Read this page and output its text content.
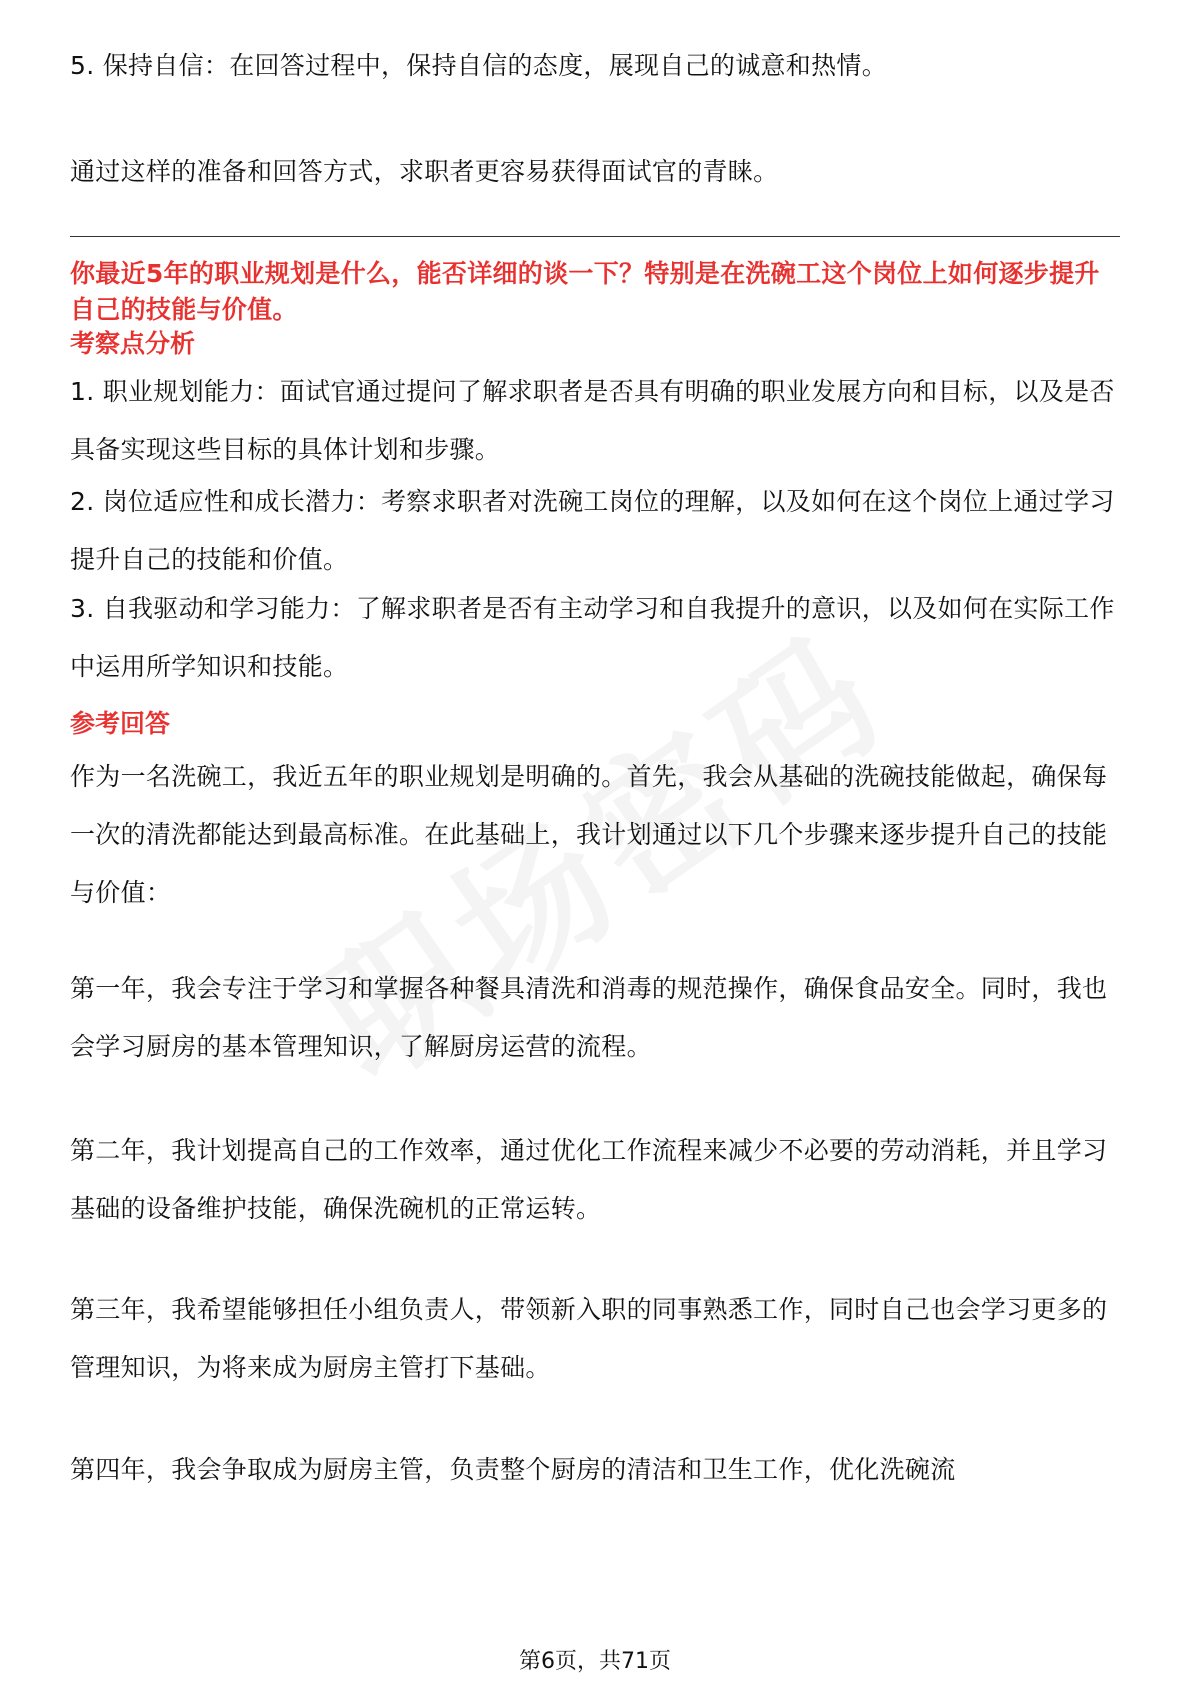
5. 保持自信：在回答过程中，保持自信的态度，展现自己的诚意和热情。

通过这样的准备和回答方式，求职者更容易获得面试官的青睐。

你最近5年的职业规划是什么，能否详细的谈一下？特别是在洗碗工这个岗位上如何逐步提升自己的技能与价值。
考察点分析

1. 职业规划能力：面试官通过提问了解求职者是否具有明确的职业发展方向和目标，以及是否具备实现这些目标的具体计划和步骤。

2. 岗位适应性和成长潜力：考察求职者对洗碗工岗位的理解，以及如何在这个岗位上通过学习提升自己的技能和价值。

3. 自我驱动和学习能力：了解求职者是否有主动学习和自我提升的意识，以及如何在实际工作中运用所学知识和技能。

参考回答

作为一名洗碗工，我近五年的职业规划是明确的。首先，我会从基础的洗碗技能做起，确保每一次的清洗都能达到最高标准。在此基础上，我计划通过以下几个步骤来逐步提升自己的技能与价值：

第一年，我会专注于学习和掌握各种餐具清洗和消毒的规范操作，确保食品安全。同时，我也会学习厨房的基本管理知识，了解厨房运营的流程。

第二年，我计划提高自己的工作效率，通过优化工作流程来减少不必要的劳动消耗，并且学习基础的设备维护技能，确保洗碗机的正常运转。

第三年，我希望能够担任小组负责人，带领新入职的同事熟悉工作，同时自己也会学习更多的管理知识，为将来成为厨房主管打下基础。

第四年，我会争取成为厨房主管，负责整个厨房的清洁和卫生工作，优化洗碗流

第6页，共71页
